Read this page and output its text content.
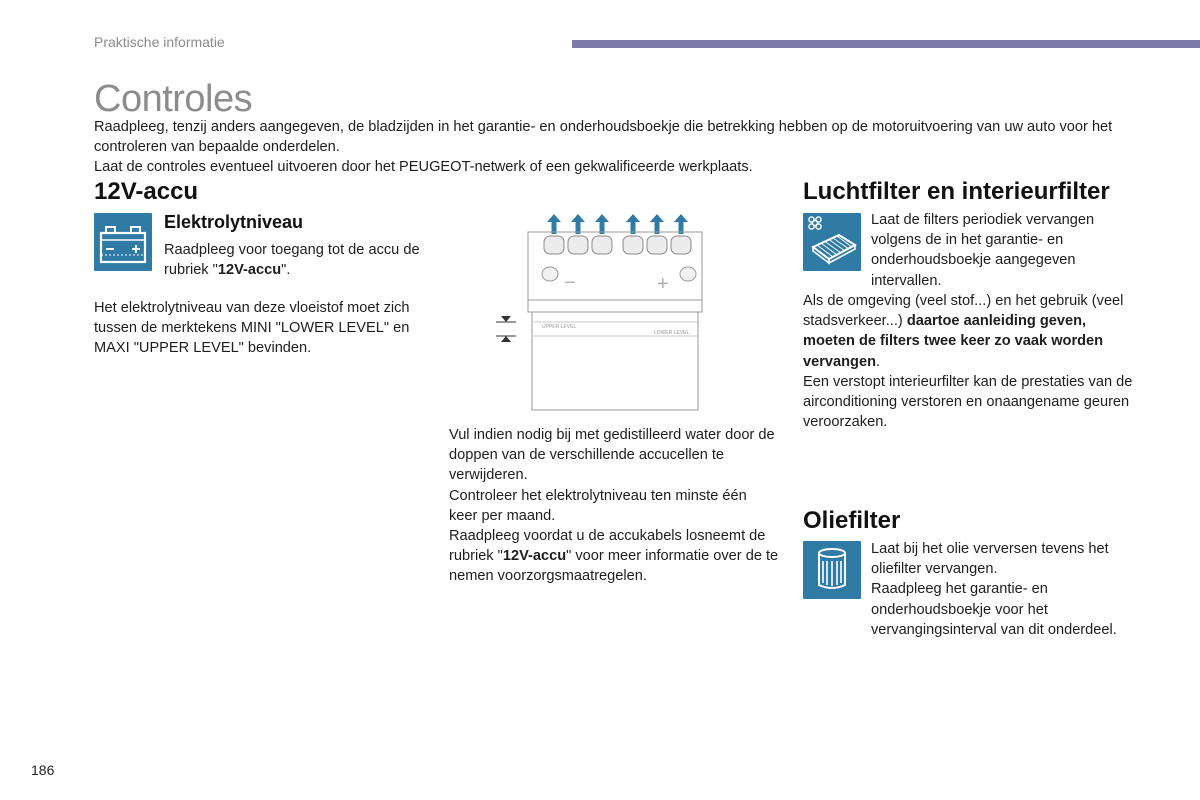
Praktische informatie
Controles

Raadpleeg, tenzij anders aangegeven, de bladzijden in het garantie- en onderhoudsboekje die betrekking hebben op de motoruitvoering van uw auto voor het controleren van bepaalde onderdelen.

Laat de controles eventueel uitvoeren door het PEUGEOT-netwerk of een gekwalificeerde werkplaats.

12V-accu
Elektrolytniveau

Raadpleeg voor toegang tot de accu de rubriek "12V-accu".

Het elektrolytniveau van deze vloeistof moet zich tussen de merktekens MINI "LOWER LEVEL" en MAXI "UPPER LEVEL" bevinden.

−	+
UPPER LEVEL
LOWER LEVEL

Vul indien nodig bij met gedistilleerd water door de doppen van de verschillende accucellen te verwijderen.

Controleer het elektrolytniveau ten minste één keer per maand.

Raadpleeg voordat u de accukabels losneemt de rubriek "12V-accu" voor meer informatie over de te nemen voorzorgsmaatregelen.

Luchtfilter en interieurfilter

Laat de filters periodiek vervangen volgens de in het garantie- en onderhoudsboekje aangegeven intervallen.

Als de omgeving (veel stof...) en het gebruik (veel stadsverkeer...) daartoe aanleiding geven, moeten de filters twee keer zo vaak worden vervangen.

Een verstopt interieurfilter kan de prestaties van de airconditioning verstoren en onaangename geuren veroorzaken.

Oliefilter

Laat bij het olie verversen tevens het oliefilter vervangen.

Raadpleeg het garantie- en onderhoudsboekje voor het vervangingsinterval van dit onderdeel.

186
